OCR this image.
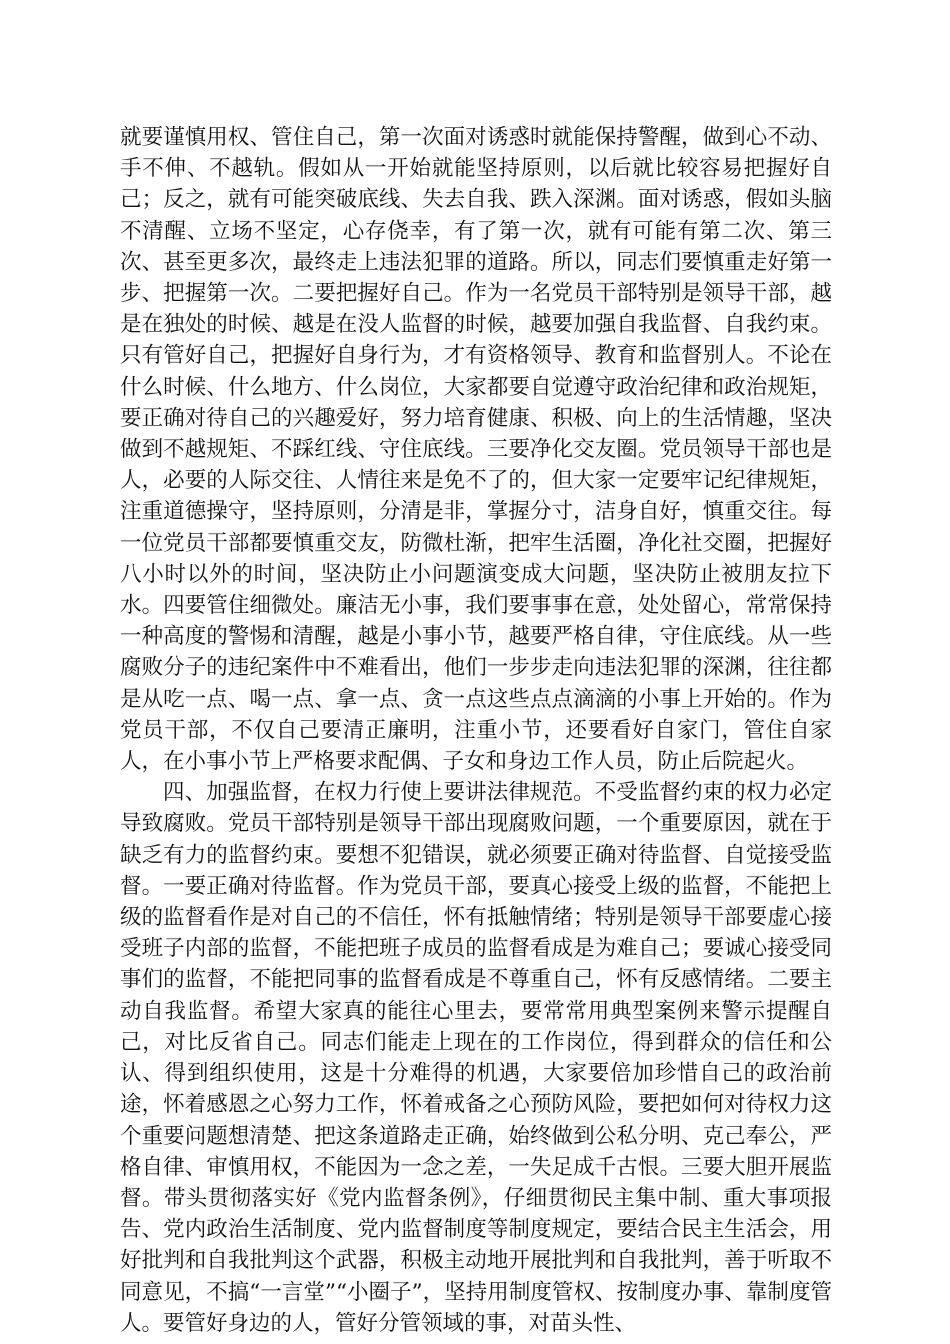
就要谨慎用权、管住自己，第一次面对诱惑时就能保持警醒，做到心不动、手不伸、不越轨。假如从一开始就能坚持原则，以后就比较容易把握好自己；反之，就有可能突破底线、失去自我、跌入深渊。面对诱惑，假如头脑不清醒、立场不坚定，心存侥幸，有了第一次，就有可能有第二次、第三次、甚至更多次，最终走上违法犯罪的道路。所以，同志们要慎重走好第一步、把握第一次。二要把握好自己。作为一名党员干部特别是领导干部，越是在独处的时候、越是在没人监督的时候，越要加强自我监督、自我约束。只有管好自己，把握好自身行为，才有资格领导、教育和监督别人。不论在什么时候、什么地方、什么岗位，大家都要自觉遵守政治纪律和政治规矩，要正确对待自己的兴趣爱好，努力培育健康、积极、向上的生活情趣，坚决做到不越规矩、不踩红线、守住底线。三要净化交友圈。党员领导干部也是人，必要的人际交往、人情往来是免不了的，但大家一定要牢记纪律规矩，注重道德操守，坚持原则，分清是非，掌握分寸，洁身自好，慎重交往。每一位党员干部都要慎重交友，防微杜渐，把牢生活圈，净化社交圈，把握好八小时以外的时间，坚决防止小问题演变成大问题，坚决防止被朋友拉下水。四要管住细微处。廉洁无小事，我们要事事在意，处处留心，常常保持一种高度的警惕和清醒，越是小事小节，越要严格自律，守住底线。从一些腐败分子的违纪案件中不难看出，他们一步步走向违法犯罪的深渊，往往都是从吃一点、喝一点、拿一点、贪一点这些点点滴滴的小事上开始的。作为党员干部，不仅自己要清正廉明，注重小节，还要看好自家门，管住自家人，在小事小节上严格要求配偶、子女和身边工作人员，防止后院起火。

四、加强监督，在权力行使上要讲法律规范。不受监督约束的权力必定导致腐败。党员干部特别是领导干部出现腐败问题，一个重要原因，就在于缺乏有力的监督约束。要想不犯错误，就必须要正确对待监督、自觉接受监督。一要正确对待监督。作为党员干部，要真心接受上级的监督，不能把上级的监督看作是对自己的不信任，怀有抵触情绪；特别是领导干部要虚心接受班子内部的监督，不能把班子成员的监督看成是为难自己；要诚心接受同事们的监督，不能把同事的监督看成是不尊重自己，怀有反感情绪。二要主动自我监督。希望大家真的能往心里去，要常常用典型案例来警示提醒自己，对比反省自己。同志们能走上现在的工作岗位，得到群众的信任和公认、得到组织使用，这是十分难得的机遇，大家要倍加珍惜自己的政治前途，怀着感恩之心努力工作，怀着戒备之心预防风险，要把如何对待权力这个重要问题想清楚、把这条道路走正确，始终做到公私分明、克己奉公，严格自律、审慎用权，不能因为一念之差，一失足成千古恨。三要大胆开展监督。带头贯彻落实好《党内监督条例》，仔细贯彻民主集中制、重大事项报告、党内政治生活制度、党内监督制度等制度规定，要结合民主生活会，用好批判和自我批判这个武器，积极主动地开展批判和自我批判，善于听取不同意见，不搞“一言堂”“小圈子”，坚持用制度管权、按制度办事、靠制度管人。要管好身边的人，管好分管领域的事，对苗头性、
